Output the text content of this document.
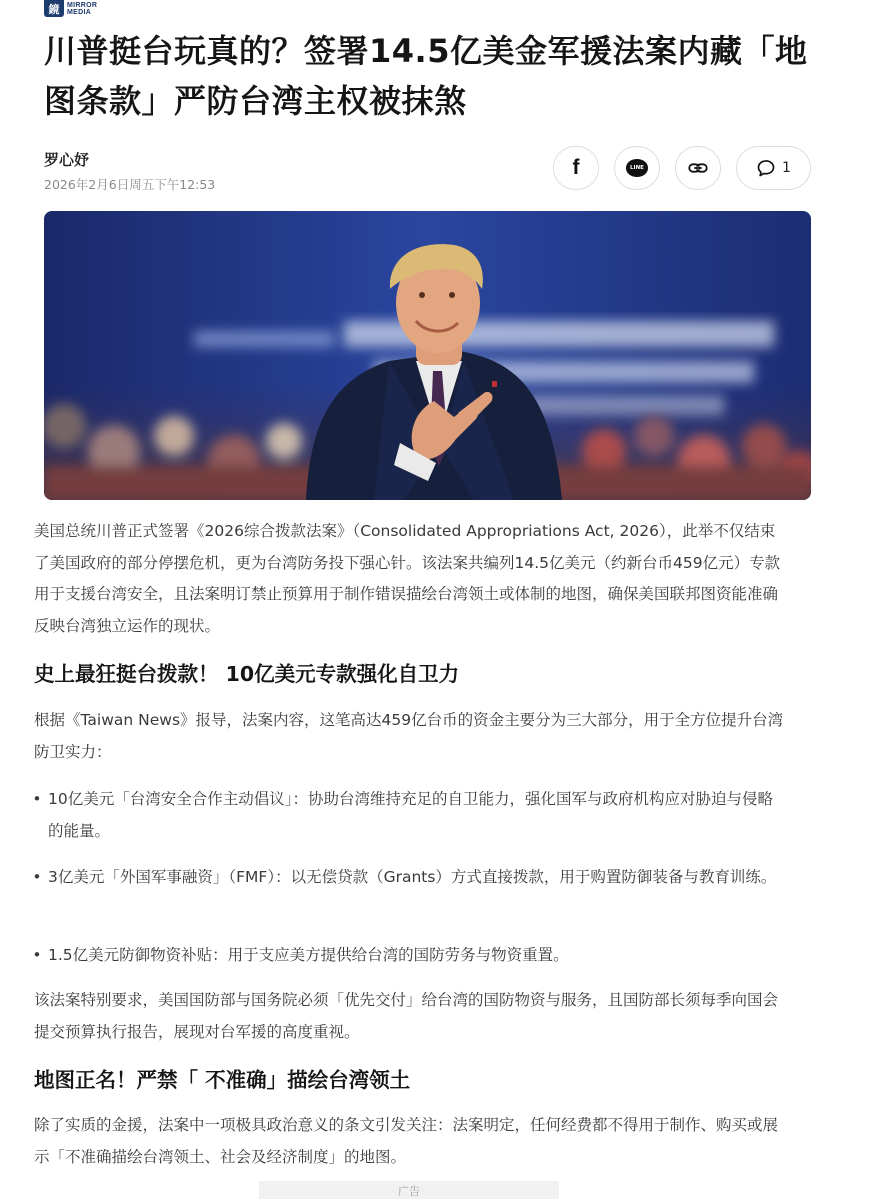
鏡	MIRROR
MEDIA
川普挺台玩真的？签署14.5亿美金军援法案内藏「地图条款」严防台湾主权被抹煞
罗心妤
2026年2月6日周五下午12:53
f	LINE	1

美国总统川普正式签署《2026综合拨款法案》（Consolidated Appropriations Act, 2026），此举不仅结束了美国政府的部分停摆危机，更为台湾防务投下强心针。该法案共编列14.5亿美元（约新台币459亿元）专款用于支援台湾安全，且法案明订禁止预算用于制作错误描绘台湾领土或体制的地图，确保美国联邦图资能准确反映台湾独立运作的现状。

史上最狂挺台拨款！ 10亿美元专款强化自卫力

根据《Taiwan News》报导，法案内容，这笔高达459亿台币的资金主要分为三大部分，用于全方位提升台湾防卫实力：

• 10亿美元「台湾安全合作主动倡议」：协助台湾维持充足的自卫能力，强化国军与政府机构应对胁迫与侵略的能量。
• 3亿美元「外国军事融资」（FMF）：以无偿贷款（Grants）方式直接拨款，用于购置防御装备与教育训练。
• 1.5亿美元防御物资补贴：用于支应美方提供给台湾的国防劳务与物资重置。

该法案特别要求，美国国防部与国务院必须「优先交付」给台湾的国防物资与服务，且国防部长须每季向国会提交预算执行报告，展现对台军援的高度重视。

地图正名！严禁「 不准确」描绘台湾领土

除了实质的金援，法案中一项极具政治意义的条文引发关注：法案明定，任何经费都不得用于制作、购买或展示「不准确描绘台湾领土、社会及经济制度」的地图。

广告
